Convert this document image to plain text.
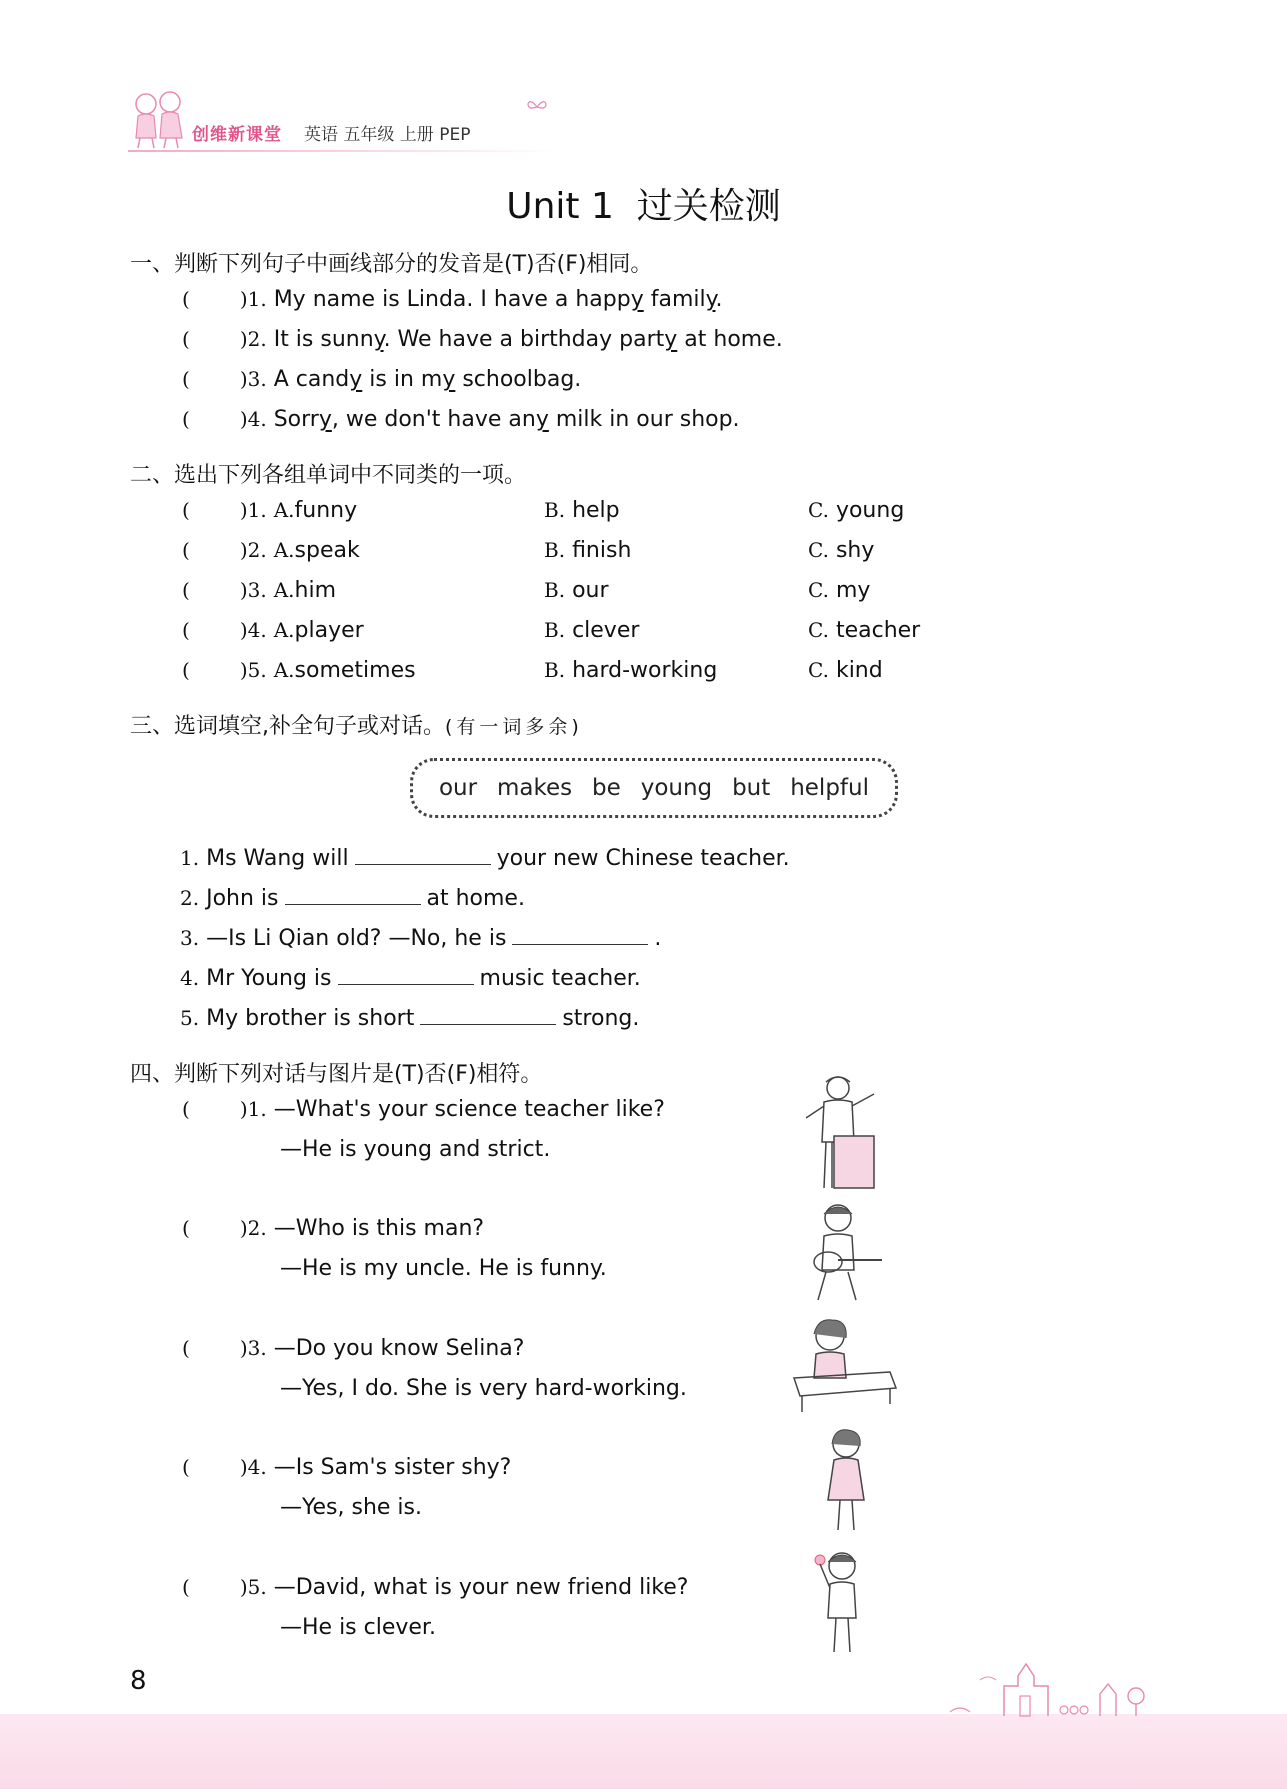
创维新课堂 英语 五年级 上册 PEP
Unit 1  过关检测
一、判断下列句子中画线部分的发音是(T)否(F)相同。
(	)1. My name is Linda. I have a happy family.
(	)2. It is sunny. We have a birthday party at home.
(	)3. A candy is in my schoolbag.
(	)4. Sorry, we don't have any milk in our shop.
二、选出下列各组单词中不同类的一项。
(	)1. A.funny	B. help	C. young
(	)2. A.speak	B. finish	C. shy
(	)3. A.him	B. our	C. my
(	)4. A.player	B. clever	C. teacher
(	)5. A.sometimes	B. hard-working	C. kind
三、选词填空,补全句子或对话。(有一词多余)
our makes be young but helpful
1. Ms Wang will	your new Chinese teacher.
2. John is	at home.
3. —Is Li Qian old? —No, he is	.
4. Mr Young is	music teacher.
5. My brother is short	strong.
四、判断下列对话与图片是(T)否(F)相符。
(	)1. —What's your science teacher like?
—He is young and strict.
(	)2. —Who is this man?
—He is my uncle. He is funny.
(	)3. —Do you know Selina?
—Yes, I do. She is very hard-working.
(	)4. —Is Sam's sister shy?
—Yes, she is.
(	)5. —David, what is your new friend like?
—He is clever.
8
